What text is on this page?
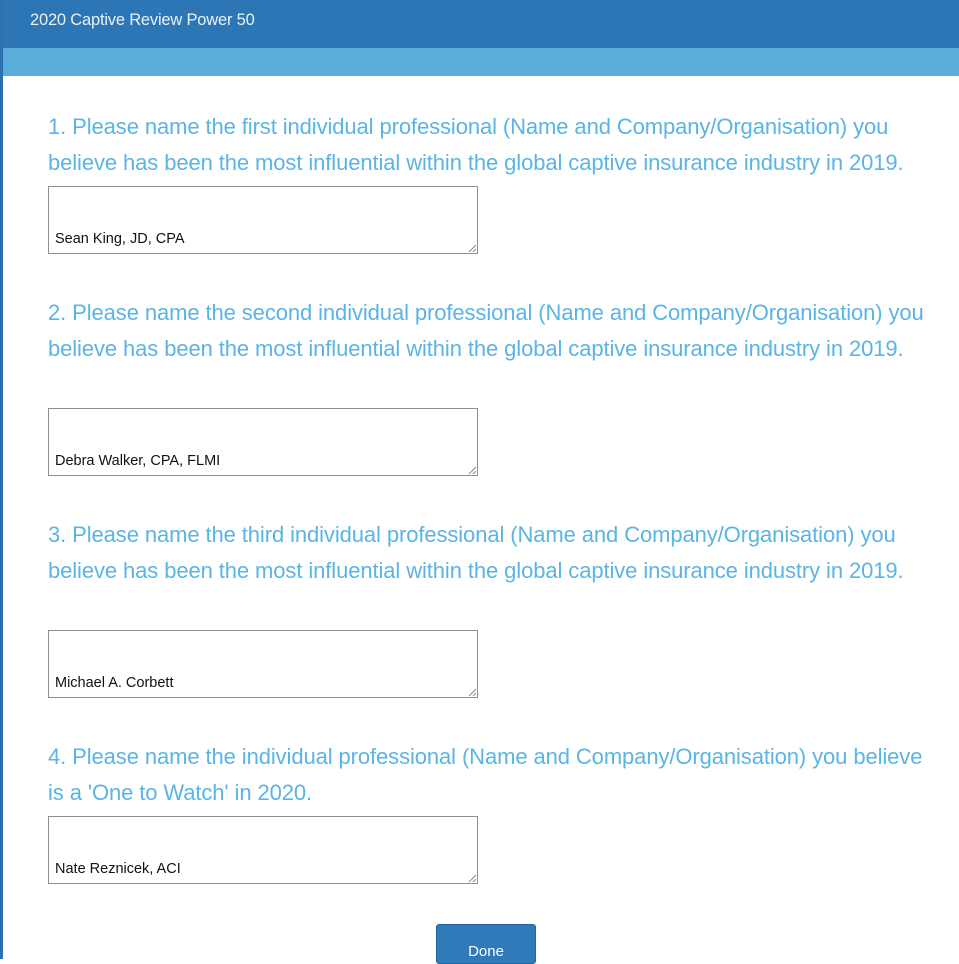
2020 Captive Review Power 50

1. Please name the first individual professional (Name and Company/Organisation) you believe has been the most influential within the global captive insurance industry in 2019.

Sean King, JD, CPA

2. Please name the second individual professional (Name and Company/Organisation) you believe has been the most influential within the global captive insurance industry in 2019.

Debra Walker, CPA, FLMI

3. Please name the third individual professional (Name and Company/Organisation) you believe has been the most influential within the global captive insurance industry in 2019.

Michael A. Corbett

4. Please name the individual professional (Name and Company/Organisation) you believe is a 'One to Watch' in 2020.

Nate Reznicek, ACI

Done
